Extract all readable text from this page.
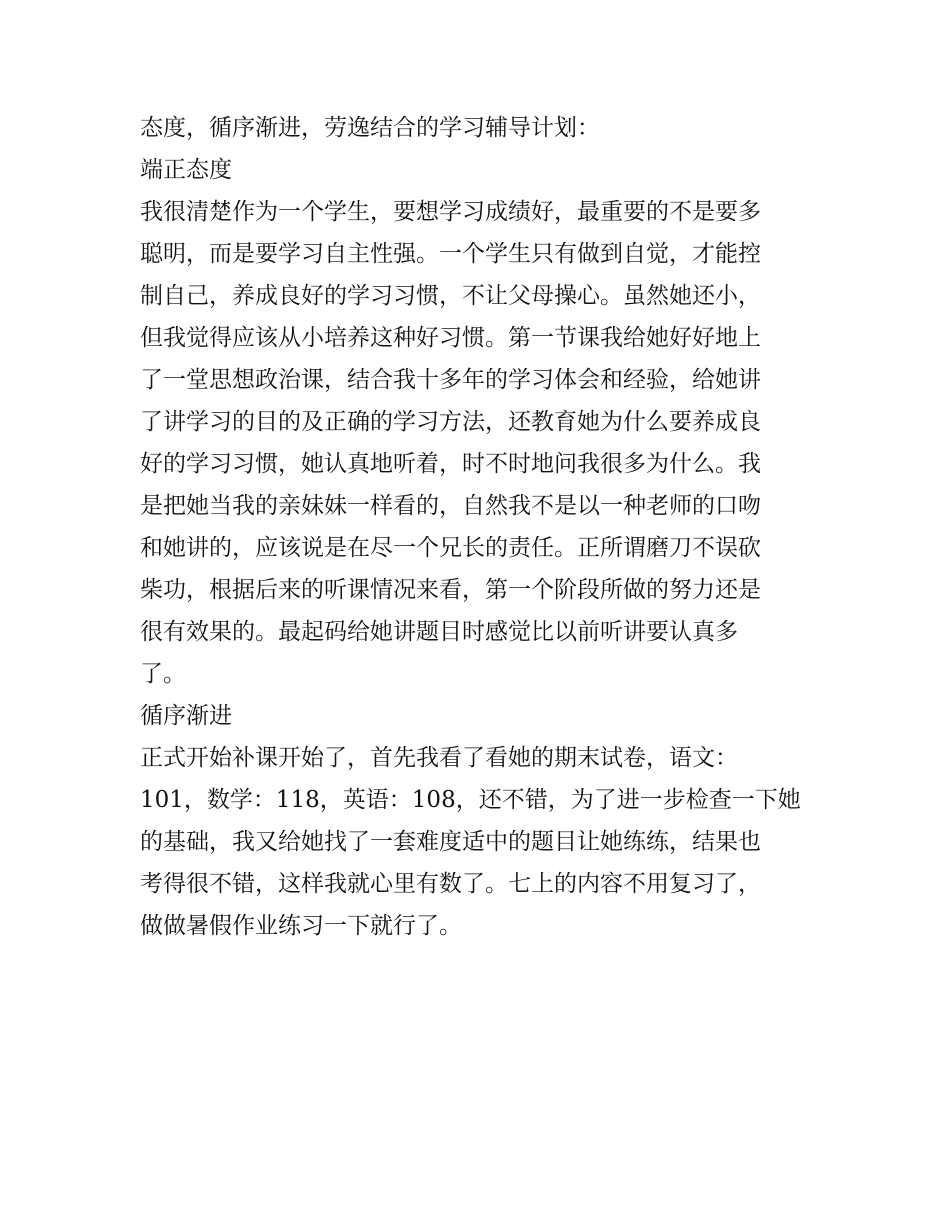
态度，循序渐进，劳逸结合的学习辅导计划：
端正态度
我很清楚作为一个学生，要想学习成绩好，最重要的不是要多
聪明，而是要学习自主性强。一个学生只有做到自觉，才能控
制自己，养成良好的学习习惯，不让父母操心。虽然她还小，
但我觉得应该从小培养这种好习惯。第一节课我给她好好地上
了一堂思想政治课，结合我十多年的学习体会和经验，给她讲
了讲学习的目的及正确的学习方法，还教育她为什么要养成良
好的学习习惯，她认真地听着，时不时地问我很多为什么。我
是把她当我的亲妹妹一样看的，自然我不是以一种老师的口吻
和她讲的，应该说是在尽一个兄长的责任。正所谓磨刀不误砍
柴功，根据后来的听课情况来看，第一个阶段所做的努力还是
很有效果的。最起码给她讲题目时感觉比以前听讲要认真多
了。
循序渐进
正式开始补课开始了，首先我看了看她的期末试卷，语文：
101，数学：118，英语：108，还不错，为了进一步检查一下她
的基础，我又给她找了一套难度适中的题目让她练练，结果也
考得很不错，这样我就心里有数了。七上的内容不用复习了，
做做暑假作业练习一下就行了。
